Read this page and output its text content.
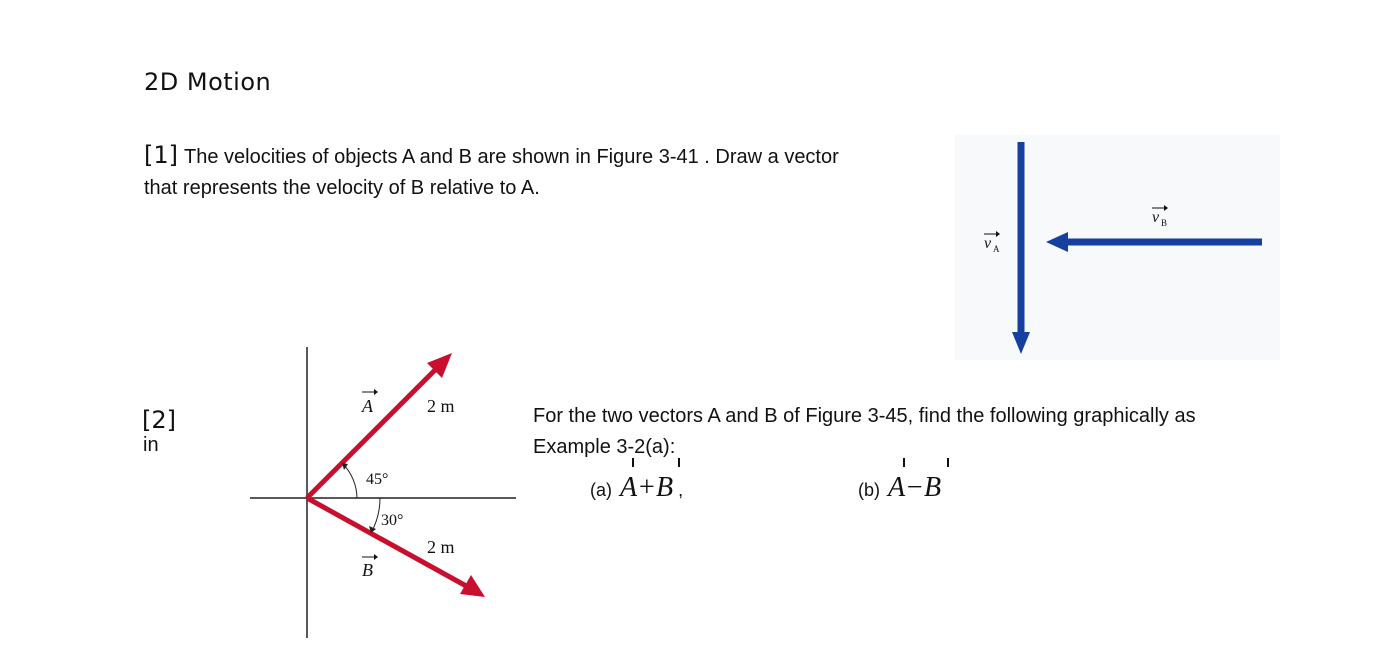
2D Motion
[1] The velocities of objects A and B are shown in Figure 3-41 . Draw a vector
that represents the velocity of B relative to A.
v A
v B
[2]
in
A
B
2 m
2 m
45°
30°
For the two vectors A and B of Figure 3-45, find the following graphically as
Example 3-2(a):
(a) A+B ,	(b) A−B
